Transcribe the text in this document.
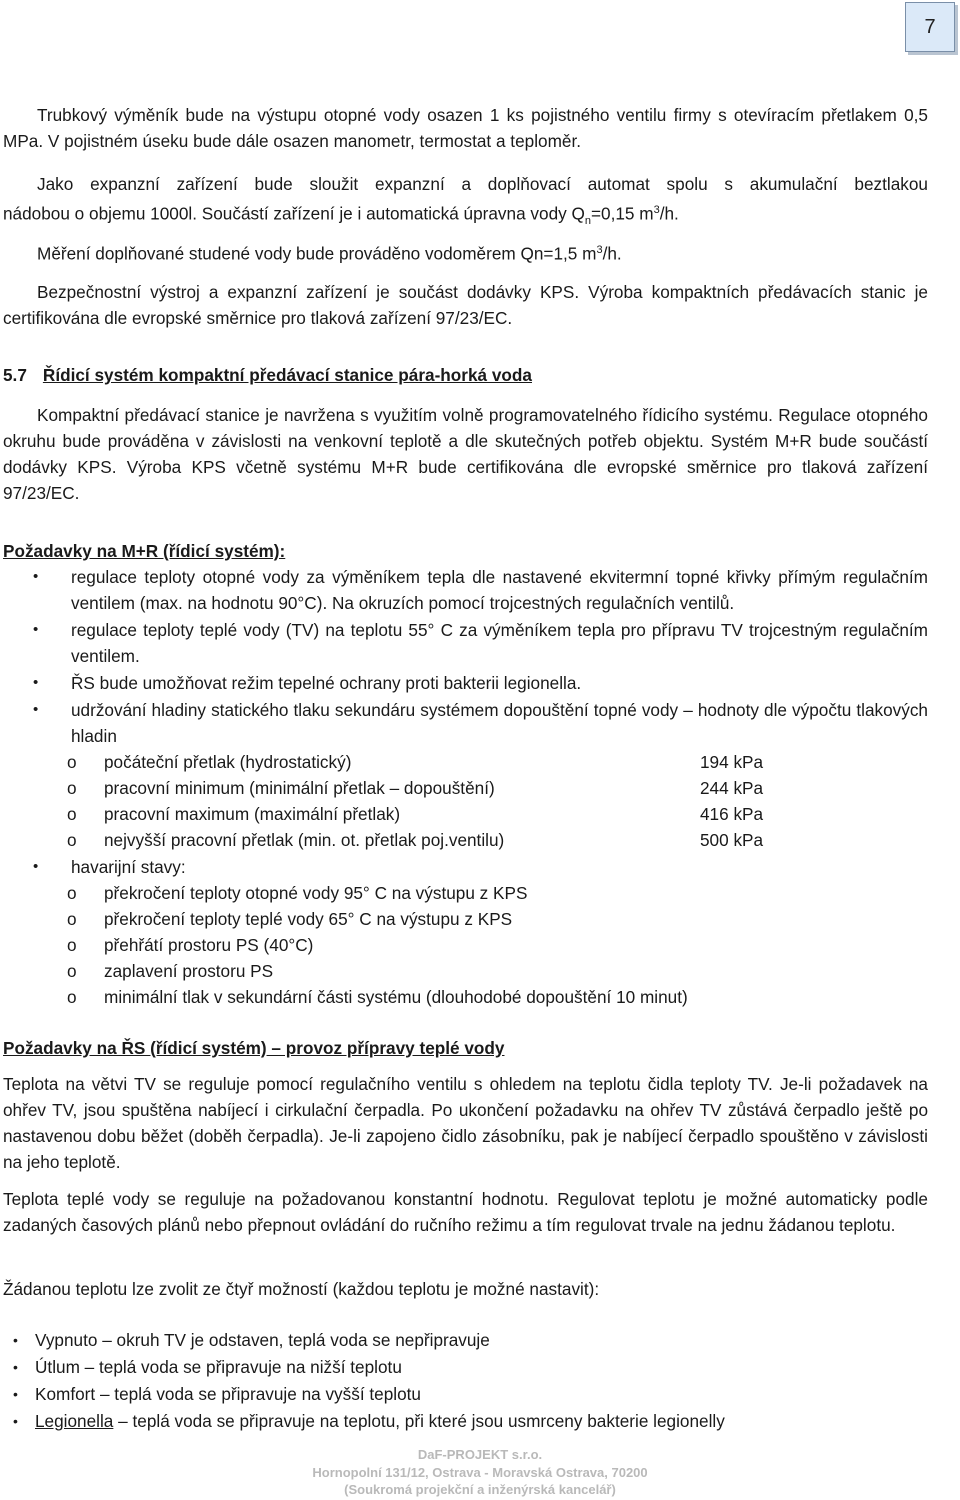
7

Trubkový výměník bude na výstupu otopné vody osazen 1 ks pojistného ventilu firmy s otevíracím přetlakem 0,5 MPa. V pojistném úseku bude dále osazen manometr, termostat a teploměr.

Jako expanzní zařízení bude sloužit expanzní a doplňovací automat spolu s akumulační beztlakou

nádobou o objemu 1000l. Součástí zařízení je i automatická úpravna vody $Q_n=0,15$ $m^3/h$.

Měření doplňované studené vody bude prováděno vodoměrem Qn=1,5 $m^3/h$.

Bezpečnostní výstroj a expanzní zařízení je součást dodávky KPS. Výroba kompaktních předávacích stanic je certifikována dle evropské směrnice pro tlaková zařízení 97/23/EC.

5.7 Řídicí systém kompaktní předávací stanice pára-horká voda

Kompaktní předávací stanice je navržena s využitím volně programovatelného řídicího systému. Regulace otopného okruhu bude prováděna v závislosti na venkovní teplotě a dle skutečných potřeb objektu. Systém M+R bude součástí dodávky KPS. Výroba KPS včetně systému M+R bude certifikována dle evropské směrnice pro tlaková zařízení 97/23/EC.

Požadavky na M+R (řídicí systém):
• regulace teploty otopné vody za výměníkem tepla dle nastavené ekvitermní topné křivky přímým regulačním ventilem (max. na hodnotu 90°C). Na okruzích pomocí trojcestných regulačních ventilů.
• regulace teploty teplé vody (TV) na teplotu 55° C za výměníkem tepla pro přípravu TV trojcestným regulačním ventilem.
• ŘS bude umožňovat režim tepelné ochrany proti bakterii legionella.
• udržování hladiny statického tlaku sekundáru systémem dopouštění topné vody – hodnoty dle výpočtu tlakových hladin
o počáteční přetlak (hydrostatický)	194 kPa
o pracovní minimum (minimální přetlak – dopouštění)	244 kPa
o pracovní maximum (maximální přetlak)	416 kPa
o nejvyšší pracovní přetlak (min. ot. přetlak poj.ventilu)	500 kPa
• havarijní stavy:
o překročení teploty otopné vody 95° C na výstupu z KPS
o překročení teploty teplé vody 65° C na výstupu z KPS
o přehřátí prostoru PS (40°C)
o zaplavení prostoru PS
o minimální tlak v sekundární části systému (dlouhodobé dopouštění 10 minut)
Požadavky na ŘS (řídicí systém) – provoz přípravy teplé vody

Teplota na větvi TV se reguluje pomocí regulačního ventilu s ohledem na teplotu čidla teploty TV. Je-li požadavek na ohřev TV, jsou spuštěna nabíjecí i cirkulační čerpadla. Po ukončení požadavku na ohřev TV zůstává čerpadlo ještě po nastavenou dobu běžet (doběh čerpadla). Je-li zapojeno čidlo zásobníku, pak je nabíjecí čerpadlo spouštěno v závislosti na jeho teplotě.

Teplota teplé vody se reguluje na požadovanou konstantní hodnotu. Regulovat teplotu je možné automaticky podle zadaných časových plánů nebo přepnout ovládání do ručního režimu a tím regulovat trvale na jednu žádanou teplotu.

Žádanou teplotu lze zvolit ze čtyř možností (každou teplotu je možné nastavit):

• Vypnuto – okruh TV je odstaven, teplá voda se nepřipravuje
• Útlum – teplá voda se připravuje na nižší teplotu
• Komfort – teplá voda se připravuje na vyšší teplotu
• Legionella – teplá voda se připravuje na teplotu, při které jsou usmrceny bakterie legionelly
DaF-PROJEKT s.r.o.
Hornopolní 131/12, Ostrava - Moravská Ostrava, 70200
(Soukromá projekční a inženýrská kancelář)
